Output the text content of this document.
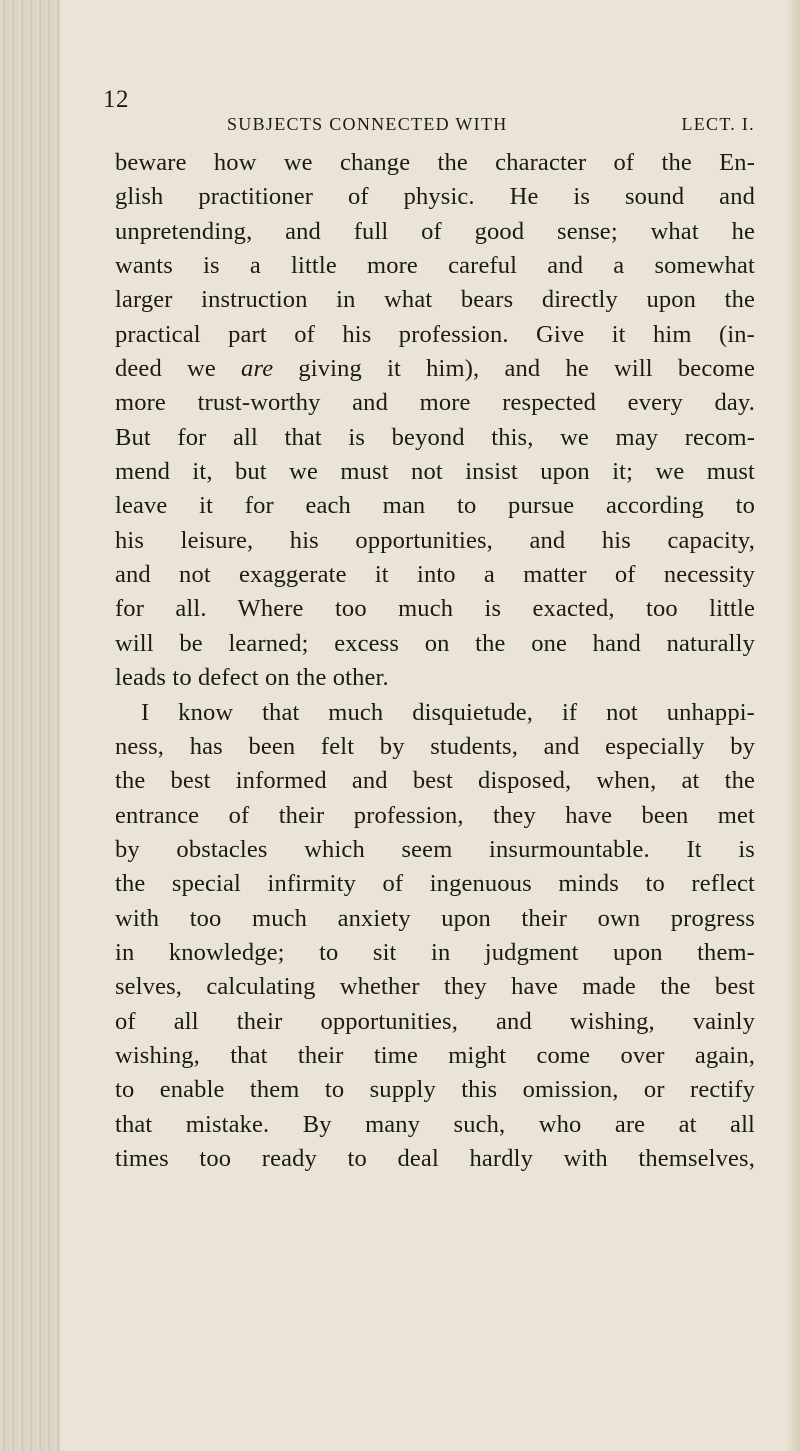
12
SUBJECTS CONNECTED WITH	LECT. I.
beware how we change the character of the En-
glish practitioner of physic. He is sound and
unpretending, and full of good sense; what he
wants is a little more careful and a somewhat
larger instruction in what bears directly upon the
practical part of his profession. Give it him (in-
deed we are giving it him), and he will become
more trust-worthy and more respected every day.
But for all that is beyond this, we may recom-
mend it, but we must not insist upon it; we must
leave it for each man to pursue according to
his leisure, his opportunities, and his capacity,
and not exaggerate it into a matter of necessity
for all. Where too much is exacted, too little
will be learned; excess on the one hand naturally
leads to defect on the other.
I know that much disquietude, if not unhappi-
ness, has been felt by students, and especially by
the best informed and best disposed, when, at the
entrance of their profession, they have been met
by obstacles which seem insurmountable. It is
the special infirmity of ingenuous minds to reflect
with too much anxiety upon their own progress
in knowledge; to sit in judgment upon them-
selves, calculating whether they have made the best
of all their opportunities, and wishing, vainly
wishing, that their time might come over again,
to enable them to supply this omission, or rectify
that mistake. By many such, who are at all
times too ready to deal hardly with themselves,
